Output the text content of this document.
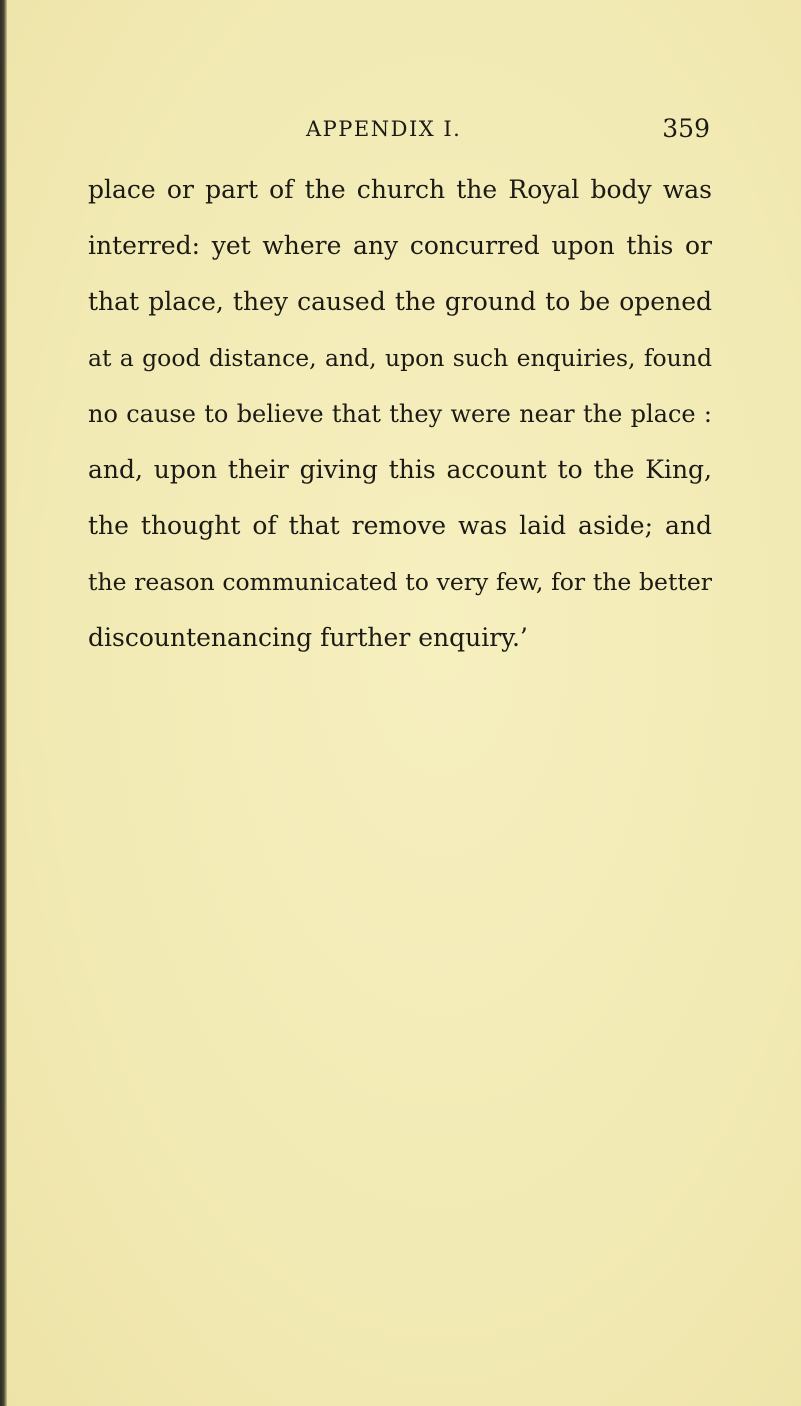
APPENDIX I.	359
place or part of the church the Royal body was
interred: yet where any concurred upon this or
that place, they caused the ground to be opened
at a good distance, and, upon such enquiries, found
no cause to believe that they were near the place :
and, upon their giving this account to the King,
the thought of that remove was laid aside; and
the reason communicated to very few, for the better
discountenancing further enquiry.’
